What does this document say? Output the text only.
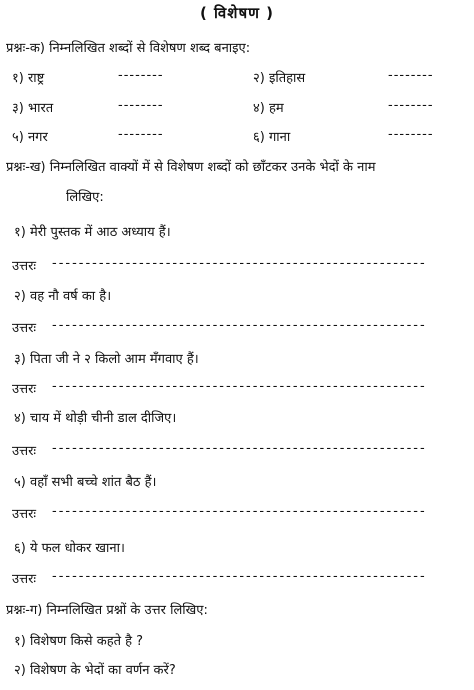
( विशेषण )
प्रश्नः-क) निम्नलिखित शब्दों से विशेषण शब्द बनाइए:
१) राष्ट्र	--------	२) इतिहास	--------
३) भारत	--------	४) हम	--------
५) नगर	--------	६) गाना	--------
प्रश्नः-ख) निम्नलिखित वाक्यों में से विशेषण शब्दों को छाँटकर उनके भेदों के नाम
लिखिए:
१) मेरी पुस्तक में आठ अध्याय हैं।
उत्तरः --------------------------------------------------------
२) वह नौ वर्ष का है।
उत्तरः --------------------------------------------------------
३) पिता जी ने २ किलो आम मँगवाए हैं।
उत्तरः --------------------------------------------------------
४) चाय में थोड़ी चीनी डाल दीजिए।
उत्तरः --------------------------------------------------------
५) वहाँ सभी बच्चे शांत बैठ हैं।
उत्तरः --------------------------------------------------------
६) ये फल धोकर खाना।
उत्तरः --------------------------------------------------------
प्रश्नः-ग) निम्नलिखित प्रश्नों के उत्तर लिखिए:
१) विशेषण किसे कहते है ?
२) विशेषण के भेदों का वर्णन करें?
